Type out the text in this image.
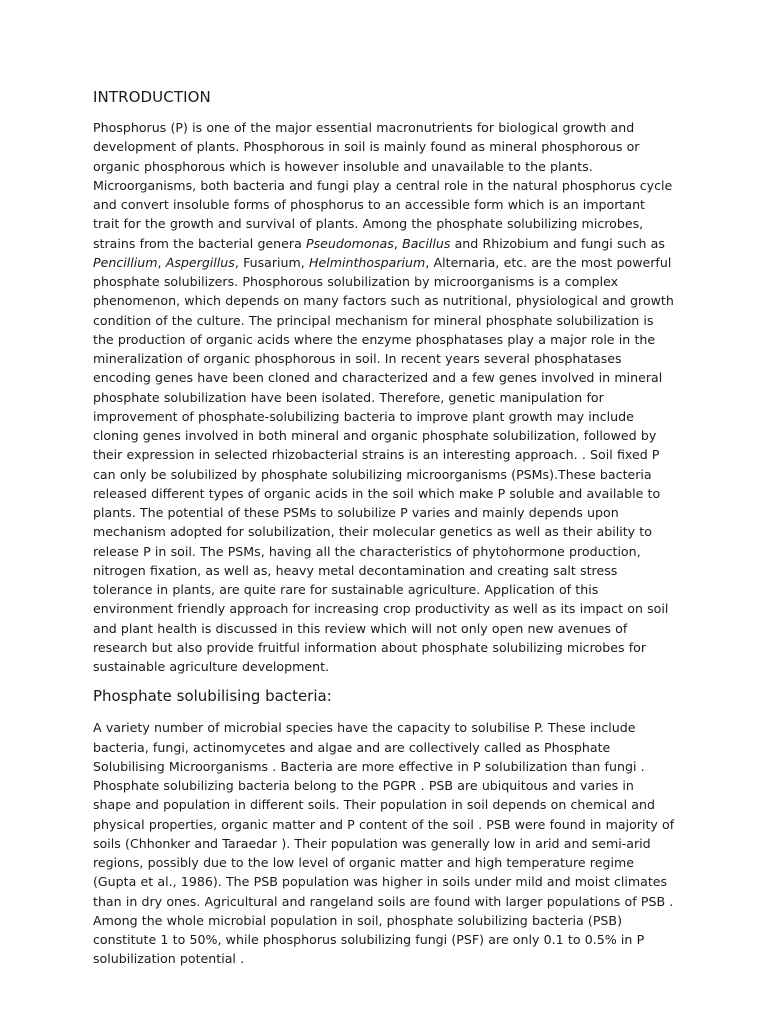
INTRODUCTION

Phosphorus (P) is one of the major essential macronutrients for biological growth and development of plants. Phosphorous in soil is mainly found as mineral phosphorous or organic phosphorous which is however insoluble and unavailable to the plants. Microorganisms, both bacteria and fungi play a central role in the natural phosphorus cycle and convert insoluble forms of phosphorus to an accessible form which is an important trait for the growth and survival of plants. Among the phosphate solubilizing microbes, strains from the bacterial genera Pseudomonas, Bacillus and Rhizobium and fungi such as Pencillium, Aspergillus, Fusarium, Helminthosparium, Alternaria, etc. are the most powerful phosphate solubilizers. Phosphorous solubilization by microorganisms is a complex phenomenon, which depends on many factors such as nutritional, physiological and growth condition of the culture. The principal mechanism for mineral phosphate solubilization is the production of organic acids where the enzyme phosphatases play a major role in the mineralization of organic phosphorous in soil. In recent years several phosphatases encoding genes have been cloned and characterized and a few genes involved in mineral phosphate solubilization have been isolated. Therefore, genetic manipulation for improvement of phosphate-solubilizing bacteria to improve plant growth may include cloning genes involved in both mineral and organic phosphate solubilization, followed by their expression in selected rhizobacterial strains is an interesting approach. . Soil fixed P can only be solubilized by phosphate solubilizing microorganisms (PSMs).These bacteria released different types of organic acids in the soil which make P soluble and available to plants. The potential of these PSMs to solubilize P varies and mainly depends upon mechanism adopted for solubilization, their molecular genetics as well as their ability to release P in soil. The PSMs, having all the characteristics of phytohormone production, nitrogen fixation, as well as, heavy metal decontamination and creating salt stress tolerance in plants, are quite rare for sustainable agriculture. Application of this environment friendly approach for increasing crop productivity as well as its impact on soil and plant health is discussed in this review which will not only open new avenues of research but also provide fruitful information about phosphate solubilizing microbes for sustainable agriculture development.

Phosphate solubilising bacteria:

A variety number of microbial species have the capacity to solubilise P. These include bacteria, fungi, actinomycetes and algae and are collectively called as Phosphate Solubilising Microorganisms . Bacteria are more effective in P solubilization than fungi . Phosphate solubilizing bacteria belong to the PGPR . PSB are ubiquitous and varies in shape and population in different soils. Their population in soil depends on chemical and physical properties, organic matter and P content of the soil . PSB were found in majority of soils (Chhonker and Taraedar ). Their population was generally low in arid and semi-arid regions, possibly due to the low level of organic matter and high temperature regime (Gupta et al., 1986). The PSB population was higher in soils under mild and moist climates than in dry ones. Agricultural and rangeland soils are found with larger populations of PSB . Among the whole microbial population in soil, phosphate solubilizing bacteria (PSB) constitute 1 to 50%, while phosphorus solubilizing fungi (PSF) are only 0.1 to 0.5% in P solubilization potential .
